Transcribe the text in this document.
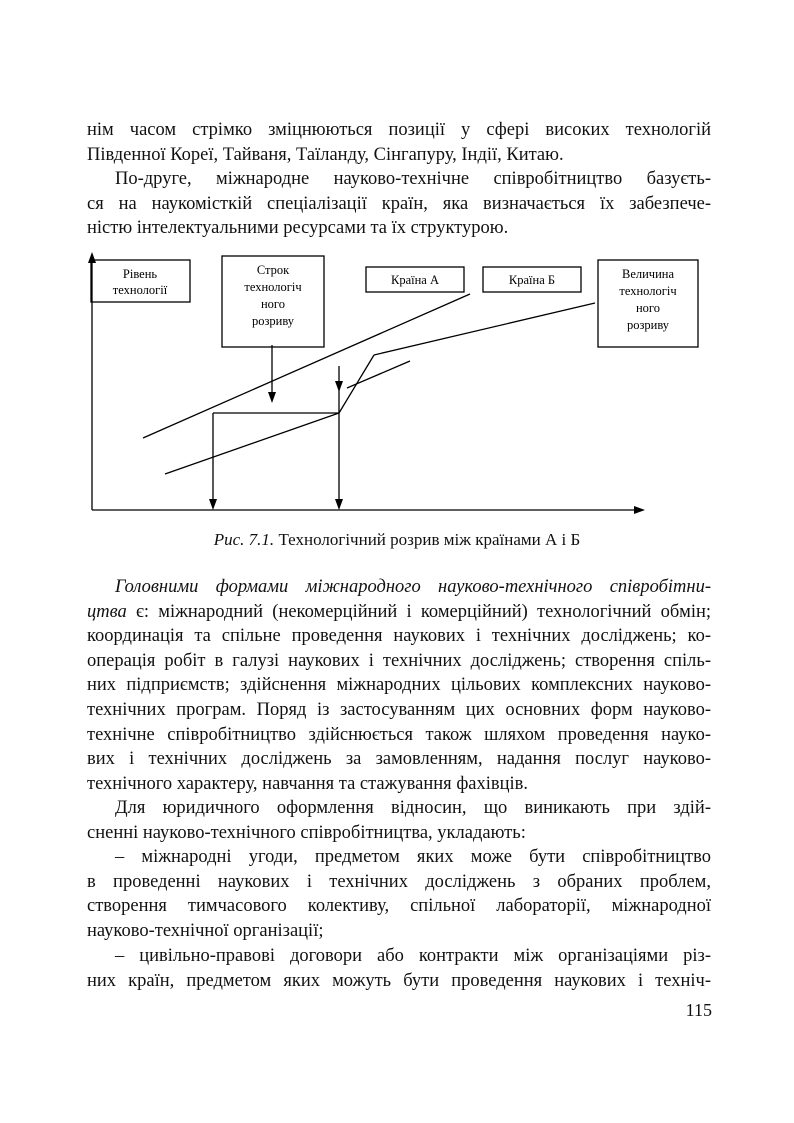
нім часом стрімко зміцнюються позиції у сфері високих технологій
Південної Кореї, Тайваня, Таїланду, Сінгапуру, Індії, Китаю.

По-друге, міжнародне науково-технічне співробітництво базуєть-
ся на наукомісткій спеціалізації країн, яка визначається їх забезпече-
ністю інтелектуальними ресурсами та їх структурою.

Рівень
технології
Строк
технологіч
ного
розриву
Країна А	Країна Б	Величина
технологіч
ного
розриву
Рис. 7.1. Технологічний розрив між країнами А і Б

Головними формами міжнародного науково-технічного співробітни-
цтва є: міжнародний (некомерційний і комерційний) технологічний обмін;
координація та спільне проведення наукових і технічних досліджень; ко-
операція робіт в галузі наукових і технічних досліджень; створення спіль-
них підприємств; здійснення міжнародних цільових комплексних науково-
технічних програм. Поряд із застосуванням цих основних форм науково-
технічне співробітництво здійснюється також шляхом проведення науко-
вих і технічних досліджень за замовленням, надання послуг науково-
технічного характеру, навчання та стажування фахівців.

Для юридичного оформлення відносин, що виникають при здій-
сненні науково-технічного співробітництва, укладають:

– міжнародні угоди, предметом яких може бути співробітництво
в проведенні наукових і технічних досліджень з обраних проблем,
створення тимчасового колективу, спільної лабораторії, міжнародної
науково-технічної організації;

– цивільно-правові договори або контракти між організаціями різ-
них країн, предметом яких можуть бути проведення наукових і техніч-

115
